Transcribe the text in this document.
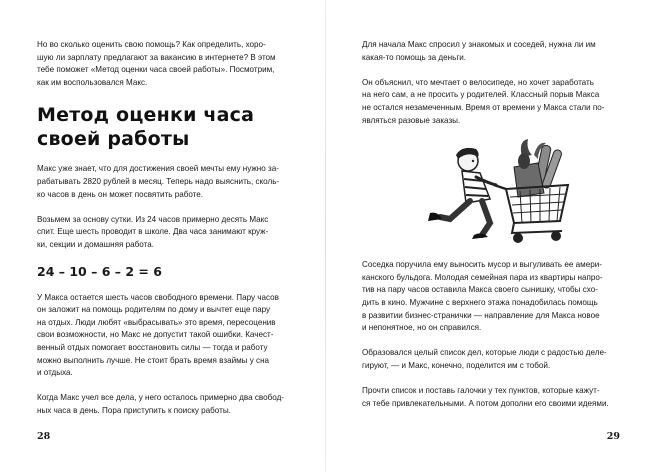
Но во сколько оценить свою помощь? Как определить, хоро-

шую ли зарплату предлагают за вакансию в интернете? В этом

тебе поможет «Метод оценки часа своей работы». Посмотрим,

как им воспользовался Макс.

Метод оценки часа
своей работы

Макс уже знает, что для достижения своей мечты ему нужно за-

рабатывать 2820 рублей в месяц. Теперь надо выяснить, сколь-

ко часов в день он может посвятить работе.

Возьмем за основу сутки. Из 24 часов примерно десять Макс

спит. Еще шесть проводит в школе. Два часа занимают круж-

ки, секции и домашняя работа.

24 – 10 – 6 – 2 = 6

У Макса остается шесть часов свободного времени. Пару часов

он заложит на помощь родителям по дому и вычтет еще пару

на отдых. Люди любят «выбрасывать» это время, пересоценив

свои возможности, но Макс не допустит такой ошибки. Качест-

венный отдых помогает восстановить силы — тогда и работу

можно выполнить лучше. Не стоит брать время взаймы у сна

и отдыха.

Когда Макс учел все дела, у него осталось примерно два свобод-

ных часа в день. Пора приступить к поиску работы.

28

Для начала Макс спросил у знакомых и соседей, нужна ли им

какая-то помощь за деньги.

Он объяснил, что мечтает о велосипеде, но хочет заработать

на него сам, а не просить у родителей. Классный порыв Макса

не остался незамеченным. Время от времени у Макса стали по-

являться разовые заказы.

Соседка поручила ему выносить мусор и выгуливать ее амери-

канского бульдога. Молодая семейная пара из квартиры напро-

тив на пару часов оставила Макса своего сынишку, чтобы схо-

дить в кино. Мужчине с верхнего этажа понадобилась помощь

в развитии бизнес-странички — направление для Макса новое

и непонятное, но он справился.

Образовался целый список дел, которые люди с радостью деле-

гируют, — и Макс, конечно, поделится им с тобой.

Прочти список и поставь галочки у тех пунктов, которые кажут-

ся тебе привлекательными. А потом дополни его своими идеями.

29
